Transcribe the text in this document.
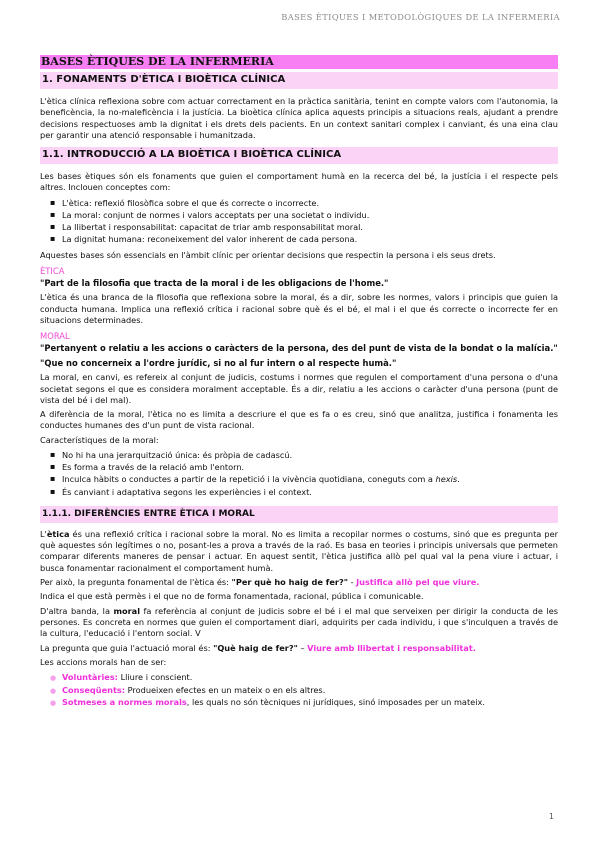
BASES ÈTIQUES I METODOLÒGIQUES DE LA INFERMERIA
BASES ÈTIQUES DE LA INFERMERIA
1. FONAMENTS D'ÈTICA I BIOÈTICA CLÍNICA

L'ètica clínica reflexiona sobre com actuar correctament en la pràctica sanitària, tenint en compte valors com l'autonomia, la beneficència, la no-maleficència i la justícia. La bioètica clínica aplica aquests principis a situacions reals, ajudant a prendre decisions respectuoses amb la dignitat i els drets dels pacients. En un context sanitari complex i canviant, és una eina clau per garantir una atenció responsable i humanitzada.

1.1. INTRODUCCIÓ A LA BIOÈTICA I BIOÈTICA CLÍNICA

Les bases ètiques són els fonaments que guien el comportament humà en la recerca del bé, la justícia i el respecte pels altres. Inclouen conceptes com:

▪ L'ètica: reflexió filosòfica sobre el que és correcte o incorrecte.
▪ La moral: conjunt de normes i valors acceptats per una societat o individu.
▪ La llibertat i responsabilitat: capacitat de triar amb responsabilitat moral.
▪ La dignitat humana: reconeixement del valor inherent de cada persona.

Aquestes bases són essencials en l'àmbit clínic per orientar decisions que respectin la persona i els seus drets.

ÈTICA
"Part de la filosofia que tracta de la moral i de les obligacions de l'home."

L'ètica és una branca de la filosofia que reflexiona sobre la moral, és a dir, sobre les normes, valors i principis que guien la conducta humana. Implica una reflexió crítica i racional sobre què és el bé, el mal i el que és correcte o incorrecte fer en situacions determinades.

MORAL
"Pertanyent o relatiu a les accions o caràcters de la persona, des del punt de vista de la bondat o la malícia."
"Que no concerneix a l'ordre jurídic, si no al fur intern o al respecte humà."

La moral, en canvi, es refereix al conjunt de judicis, costums i normes que regulen el comportament d'una persona o d'una societat segons el que es considera moralment acceptable. És a dir, relatiu a les accions o caràcter d'una persona (punt de vista del bé i del mal).

A diferència de la moral, l'ètica no es limita a descriure el que es fa o es creu, sinó que analitza, justifica i fonamenta les conductes humanes des d'un punt de vista racional.

Característiques de la moral:

▪ No hi ha una jerarquització única: és pròpia de cadascú.
▪ Es forma a través de la relació amb l'entorn.
▪ Inculca hàbits o conductes a partir de la repetició i la vivència quotidiana, coneguts com a hexis.
▪ És canviant i adaptativa segons les experiències i el context.
1.1.1. DIFERÈNCIES ENTRE ÈTICA I MORAL

L'ètica és una reflexió crítica i racional sobre la moral. No es limita a recopilar normes o costums, sinó que es pregunta per què aquestes són legítimes o no, posant-les a prova a través de la raó. Es basa en teories i principis universals que permeten comparar diferents maneres de pensar i actuar. En aquest sentit, l'ètica justifica allò pel qual val la pena viure i actuar, i busca fonamentar racionalment el comportament humà.

Per això, la pregunta fonamental de l'ètica és: "Per què ho haig de fer?" - Justifica allò pel que viure.

Indica el que està permès i el que no de forma fonamentada, racional, pública i comunicable.

D'altra banda, la moral fa referència al conjunt de judicis sobre el bé i el mal que serveixen per dirigir la conducta de les persones. Es concreta en normes que guien el comportament diari, adquirits per cada individu, i que s'inculquen a través de la cultura, l'educació i l'entorn social. V

La pregunta que guia l'actuació moral és: "Què haig de fer?" – Viure amb llibertat i responsabilitat.

Les accions morals han de ser:

● Voluntàries: Lliure i conscient.
● Conseqüents: Produeixen efectes en un mateix o en els altres.
● Sotmeses a normes morals, les quals no són tècniques ni jurídiques, sinó imposades per un mateix.
1
